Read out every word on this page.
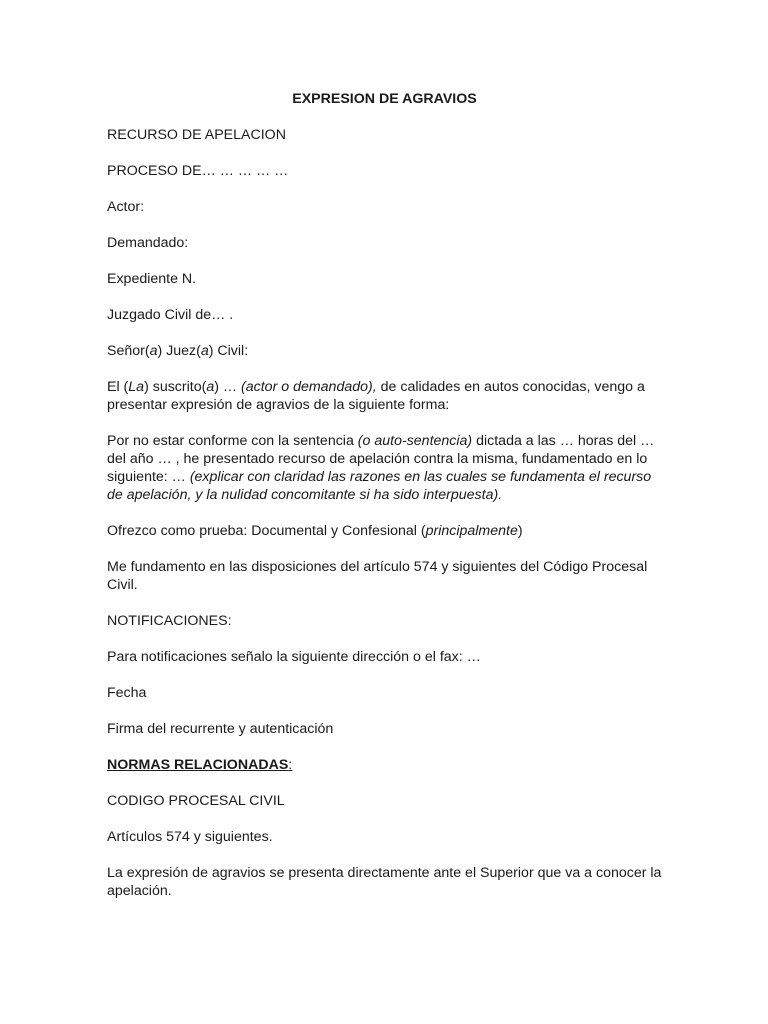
EXPRESION DE AGRAVIOS

RECURSO DE APELACION

PROCESO DE… … … … …

Actor:

Demandado:

Expediente N.

Juzgado Civil de… .

Señor(a) Juez(a) Civil:

El (La) suscrito(a) … (actor o demandado), de calidades en autos conocidas, vengo a presentar expresión de agravios de la siguiente forma:

Por no estar conforme con la sentencia (o auto-sentencia) dictada a las … horas del … del año … , he presentado recurso de apelación contra la misma, fundamentado en lo siguiente: … (explicar con claridad las razones en las cuales se fundamenta el recurso de apelación, y la nulidad concomitante si ha sido interpuesta).

Ofrezco como prueba: Documental y Confesional (principalmente)

Me fundamento en las disposiciones del artículo 574 y siguientes del Código Procesal Civil.

NOTIFICACIONES:

Para notificaciones señalo la siguiente dirección o el fax: …

Fecha

Firma del recurrente y autenticación

NORMAS RELACIONADAS:

CODIGO PROCESAL CIVIL

Artículos 574 y siguientes.

La expresión de agravios se presenta directamente ante el Superior que va a conocer la apelación.
